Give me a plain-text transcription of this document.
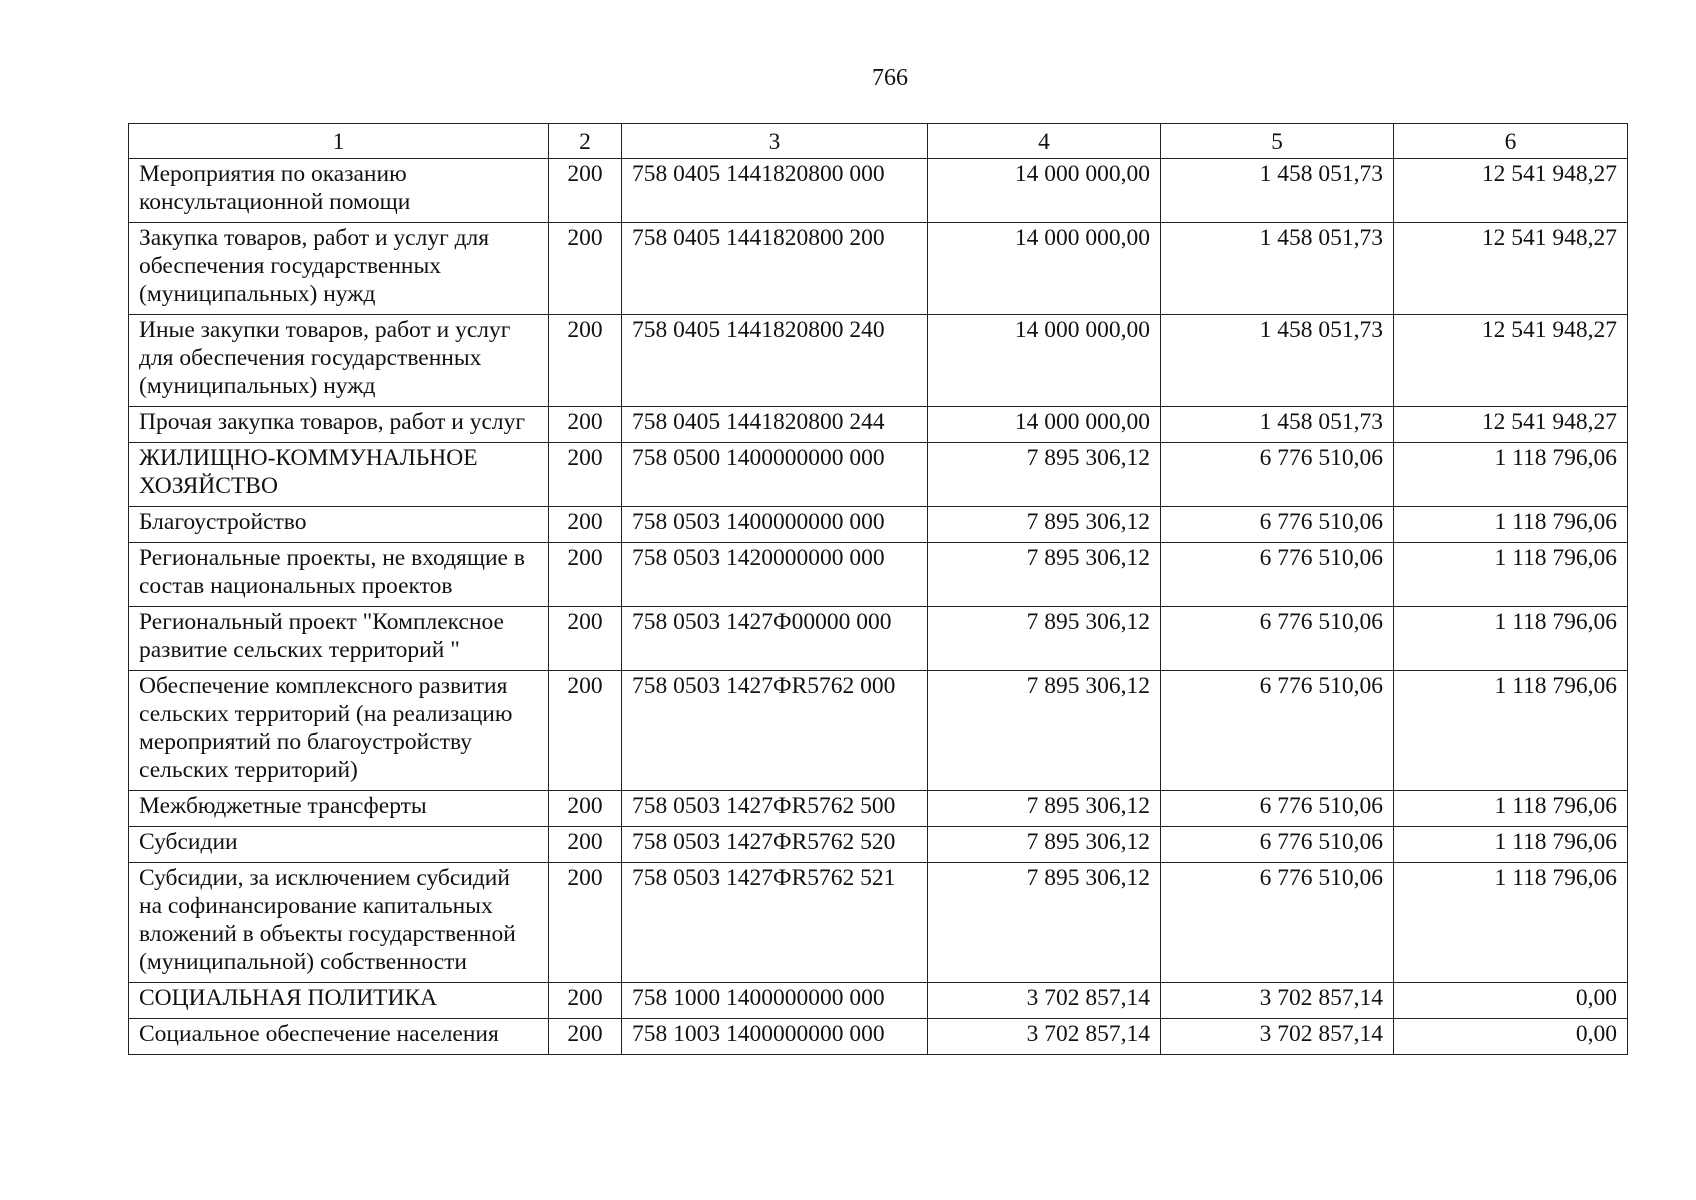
766
1	2	3	4	5	6
Мероприятия по оказанию консультационной помощи	200	758 0405 1441820800 000	14 000 000,00	1 458 051,73	12 541 948,27
Закупка товаров, работ и услуг для обеспечения государственных (муниципальных) нужд	200	758 0405 1441820800 200	14 000 000,00	1 458 051,73	12 541 948,27
Иные закупки товаров, работ и услуг для обеспечения государственных (муниципальных) нужд	200	758 0405 1441820800 240	14 000 000,00	1 458 051,73	12 541 948,27
Прочая закупка товаров, работ и услуг	200	758 0405 1441820800 244	14 000 000,00	1 458 051,73	12 541 948,27
ЖИЛИЩНО-КОММУНАЛЬНОЕ ХОЗЯЙСТВО	200	758 0500 1400000000 000	7 895 306,12	6 776 510,06	1 118 796,06
Благоустройство	200	758 0503 1400000000 000	7 895 306,12	6 776 510,06	1 118 796,06
Региональные проекты, не входящие в состав национальных проектов	200	758 0503 1420000000 000	7 895 306,12	6 776 510,06	1 118 796,06
Региональный проект "Комплексное развитие сельских территорий "	200	758 0503 1427Ф00000 000	7 895 306,12	6 776 510,06	1 118 796,06
Обеспечение комплексного развития сельских территорий (на реализацию мероприятий по благоустройству сельских территорий)	200	758 0503 1427ФR5762 000	7 895 306,12	6 776 510,06	1 118 796,06
Межбюджетные трансферты	200	758 0503 1427ФR5762 500	7 895 306,12	6 776 510,06	1 118 796,06
Субсидии	200	758 0503 1427ФR5762 520	7 895 306,12	6 776 510,06	1 118 796,06
Субсидии, за исключением субсидий на софинансирование капитальных вложений в объекты государственной (муниципальной) собственности	200	758 0503 1427ФR5762 521	7 895 306,12	6 776 510,06	1 118 796,06
СОЦИАЛЬНАЯ ПОЛИТИКА	200	758 1000 1400000000 000	3 702 857,14	3 702 857,14	0,00
Социальное обеспечение населения	200	758 1003 1400000000 000	3 702 857,14	3 702 857,14	0,00
